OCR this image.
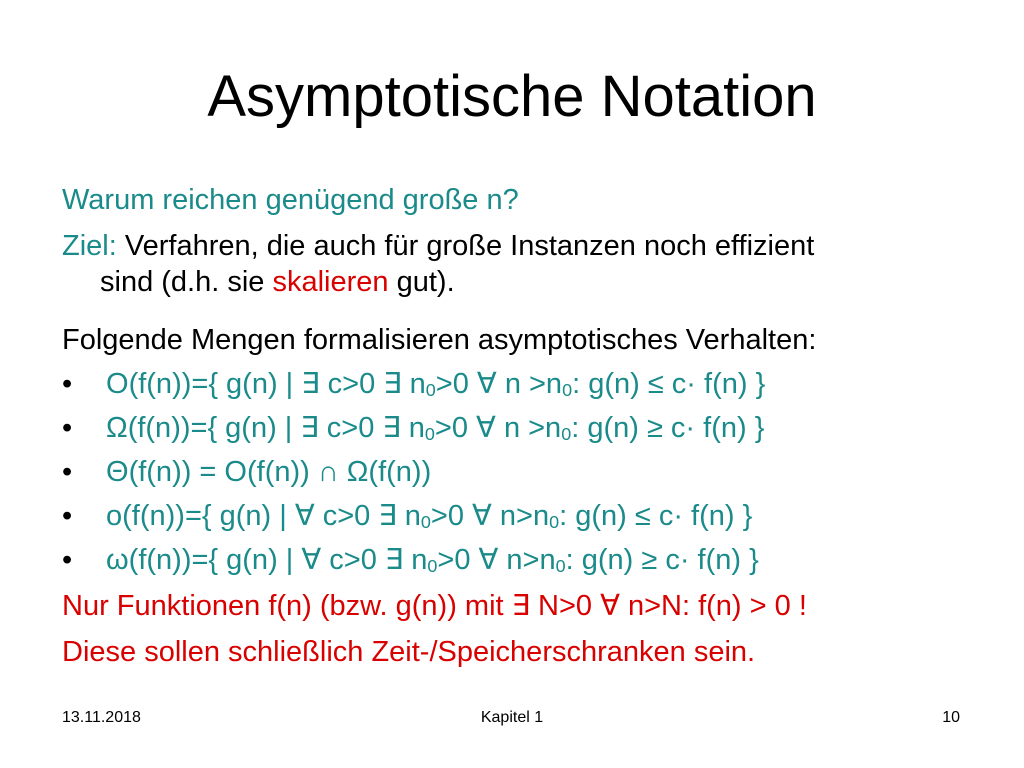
Asymptotische Notation
Warum reichen genügend große n?
Ziel: Verfahren, die auch für große Instanzen noch effizient
sind (d.h. sie skalieren gut).
Folgende Mengen formalisieren asymptotisches Verhalten:
•	O(f(n))={ g(n) | ∃ c>0 ∃ $n_0>0$ ∀ $n >n_0$: g(n) ≤ c· f(n) }
•	Ω(f(n))={ g(n) | ∃ c>0 ∃ $n_0>0$ ∀ $n >n_0$: g(n) ≥ c· f(n) }
•	Θ(f(n)) = O(f(n)) ∩ Ω(f(n))
•	o(f(n))={ g(n) | ∀ c>0 ∃ $n_0>0$ ∀ $n>n_0$: g(n) ≤ c· f(n) }
•	ω(f(n))={ g(n) | ∀ c>0 ∃ $n_0>0$ ∀ $n>n_0$: g(n) ≥ c· f(n) }
Nur Funktionen f(n) (bzw. g(n)) mit ∃ N>0 ∀ n>N: f(n) > 0 !
Diese sollen schließlich Zeit-/Speicherschranken sein.
13.11.2018	Kapitel 1	10
